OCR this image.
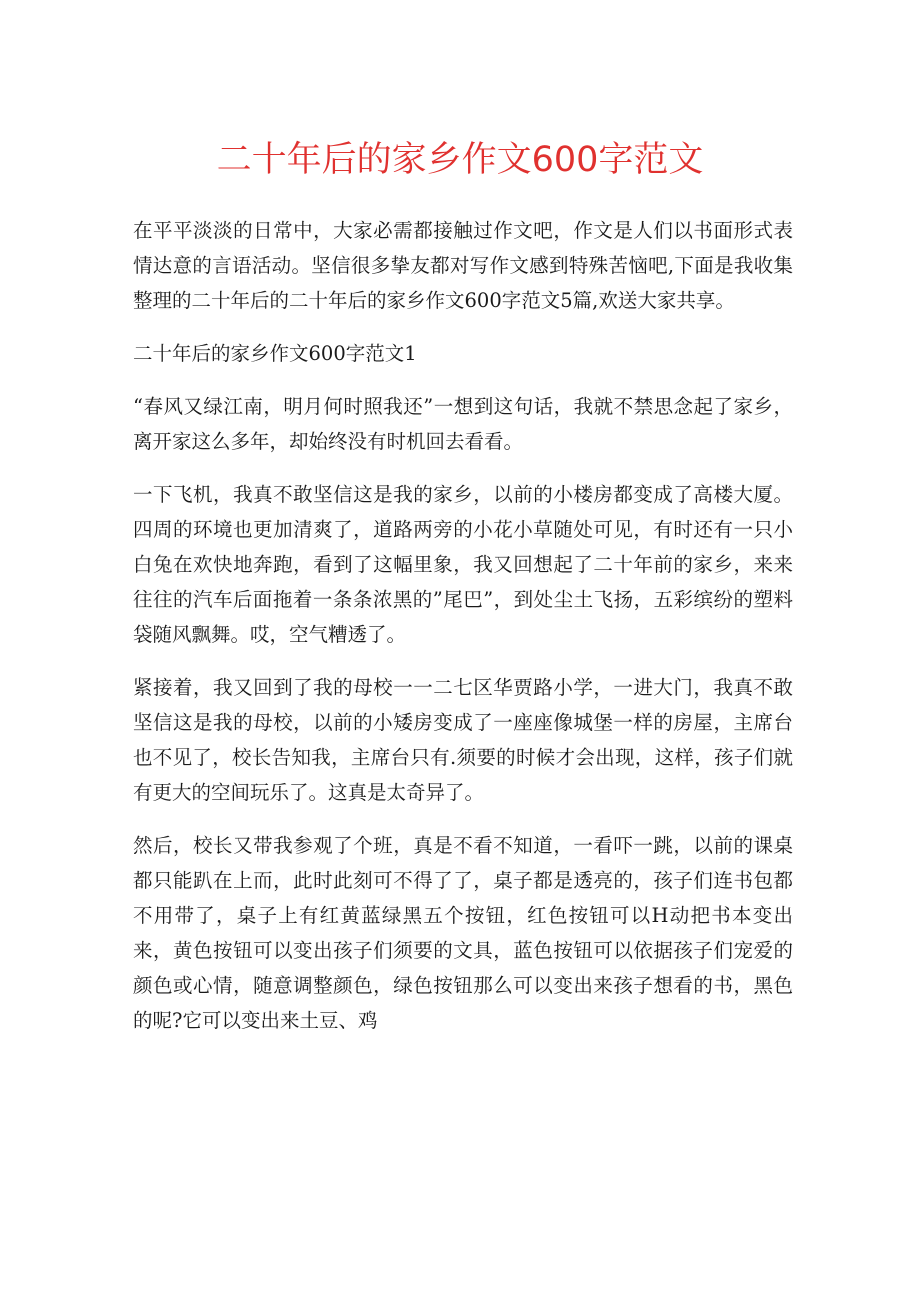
二十年后的家乡作文600字范文

在平平淡淡的日常中，大家必需都接触过作文吧，作文是人们以书面形式表情达意的言语活动。坚信很多挚友都对写作文感到特殊苦恼吧,下面是我收集整理的二十年后的二十年后的家乡作文600字范文5篇,欢送大家共享。

二十年后的家乡作文600字范文1

“春风又绿江南，明月何时照我还”一想到这句话，我就不禁思念起了家乡，离开家这么多年，却始终没有时机回去看看。

一下飞机，我真不敢坚信这是我的家乡，以前的小楼房都变成了高楼大厦。四周的环境也更加清爽了，道路两旁的小花小草随处可见，有时还有一只小白兔在欢快地奔跑，看到了这幅里象，我又回想起了二十年前的家乡，来来往往的汽车后面拖着一条条浓黑的”尾巴”，到处尘土飞扬，五彩缤纷的塑料袋随风飘舞。哎，空气糟透了。

紧接着，我又回到了我的母校一一二七区华贾路小学，一进大门，我真不敢坚信这是我的母校，以前的小矮房变成了一座座像城堡一样的房屋，主席台也不见了，校长告知我，主席台只有.须要的时候才会出现，这样，孩子们就有更大的空间玩乐了。这真是太奇异了。

然后，校长又带我参观了个班，真是不看不知道，一看吓一跳，以前的课桌都只能趴在上而，此时此刻可不得了了，桌子都是透亮的，孩子们连书包都不用带了，桌子上有红黄蓝绿黑五个按钮，红色按钮可以H动把书本变出来，黄色按钮可以变出孩子们须要的文具，蓝色按钮可以依据孩子们宠爱的颜色或心情，随意调整颜色，绿色按钮那么可以变出来孩子想看的书，黑色的呢?它可以变出来土豆、鸡
